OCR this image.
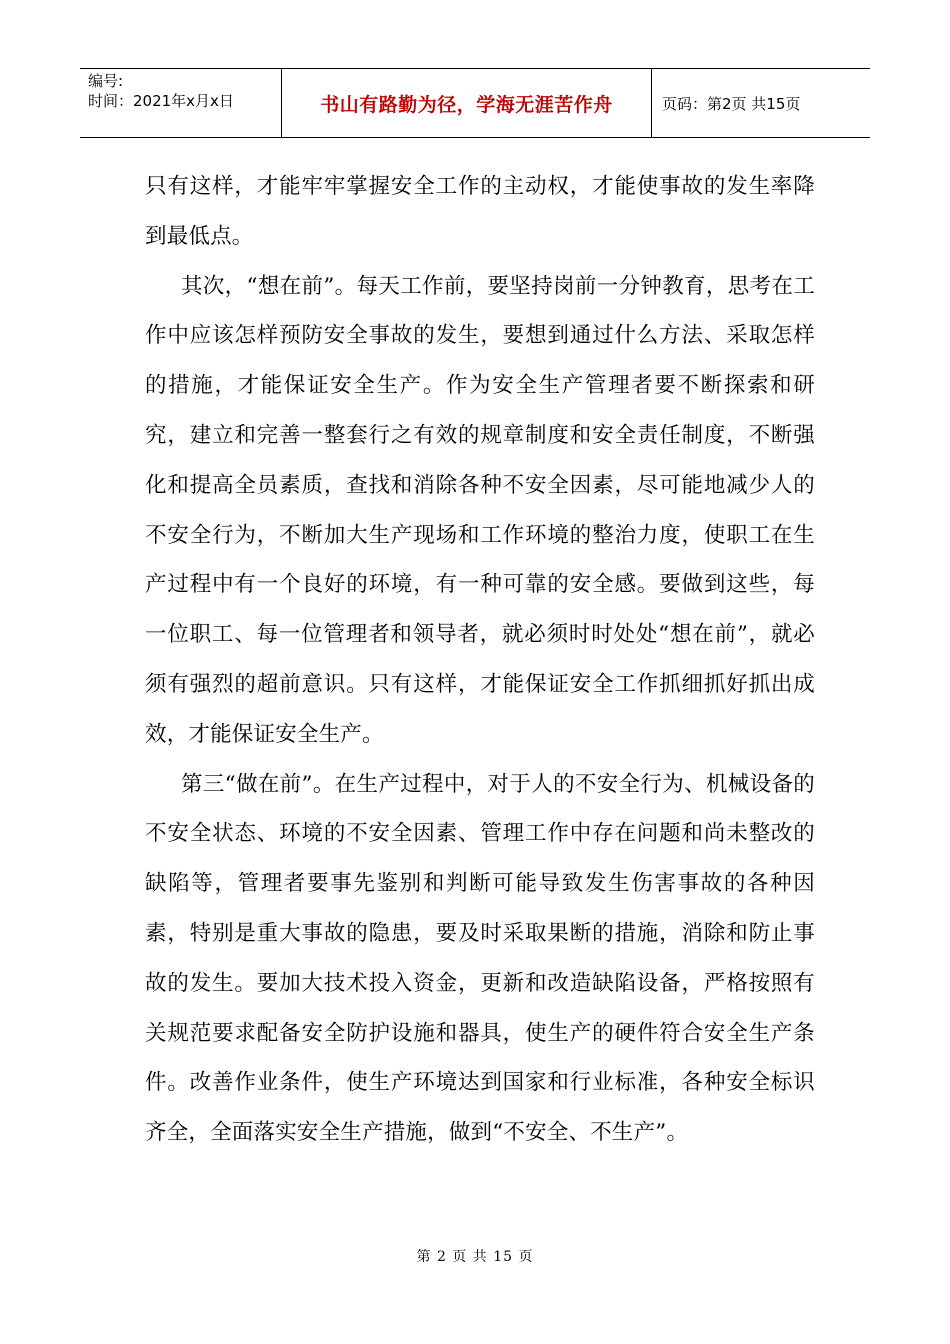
编号:
时间：2021年x月x日	书山有路勤为径，学海无涯苦作舟	页码：第2页 共15页

只有这样，才能牢牢掌握安全工作的主动权，才能使事故的发生率降到最低点。

其次，“想在前”。每天工作前，要坚持岗前一分钟教育，思考在工作中应该怎样预防安全事故的发生，要想到通过什么方法、采取怎样的措施，才能保证安全生产。作为安全生产管理者要不断探索和研究，建立和完善一整套行之有效的规章制度和安全责任制度，不断强化和提高全员素质，查找和消除各种不安全因素，尽可能地减少人的不安全行为，不断加大生产现场和工作环境的整治力度，使职工在生产过程中有一个良好的环境，有一种可靠的安全感。要做到这些，每一位职工、每一位管理者和领导者，就必须时时处处“想在前”，就必须有强烈的超前意识。只有这样，才能保证安全工作抓细抓好抓出成效，才能保证安全生产。

第三“做在前”。在生产过程中，对于人的不安全行为、机械设备的不安全状态、环境的不安全因素、管理工作中存在问题和尚未整改的缺陷等，管理者要事先鉴别和判断可能导致发生伤害事故的各种因素，特别是重大事故的隐患，要及时采取果断的措施，消除和防止事故的发生。要加大技术投入资金，更新和改造缺陷设备，严格按照有关规范要求配备安全防护设施和器具，使生产的硬件符合安全生产条件。改善作业条件，使生产环境达到国家和行业标准，各种安全标识齐全，全面落实安全生产措施，做到“不安全、不生产”。

第 2 页 共 15 页
